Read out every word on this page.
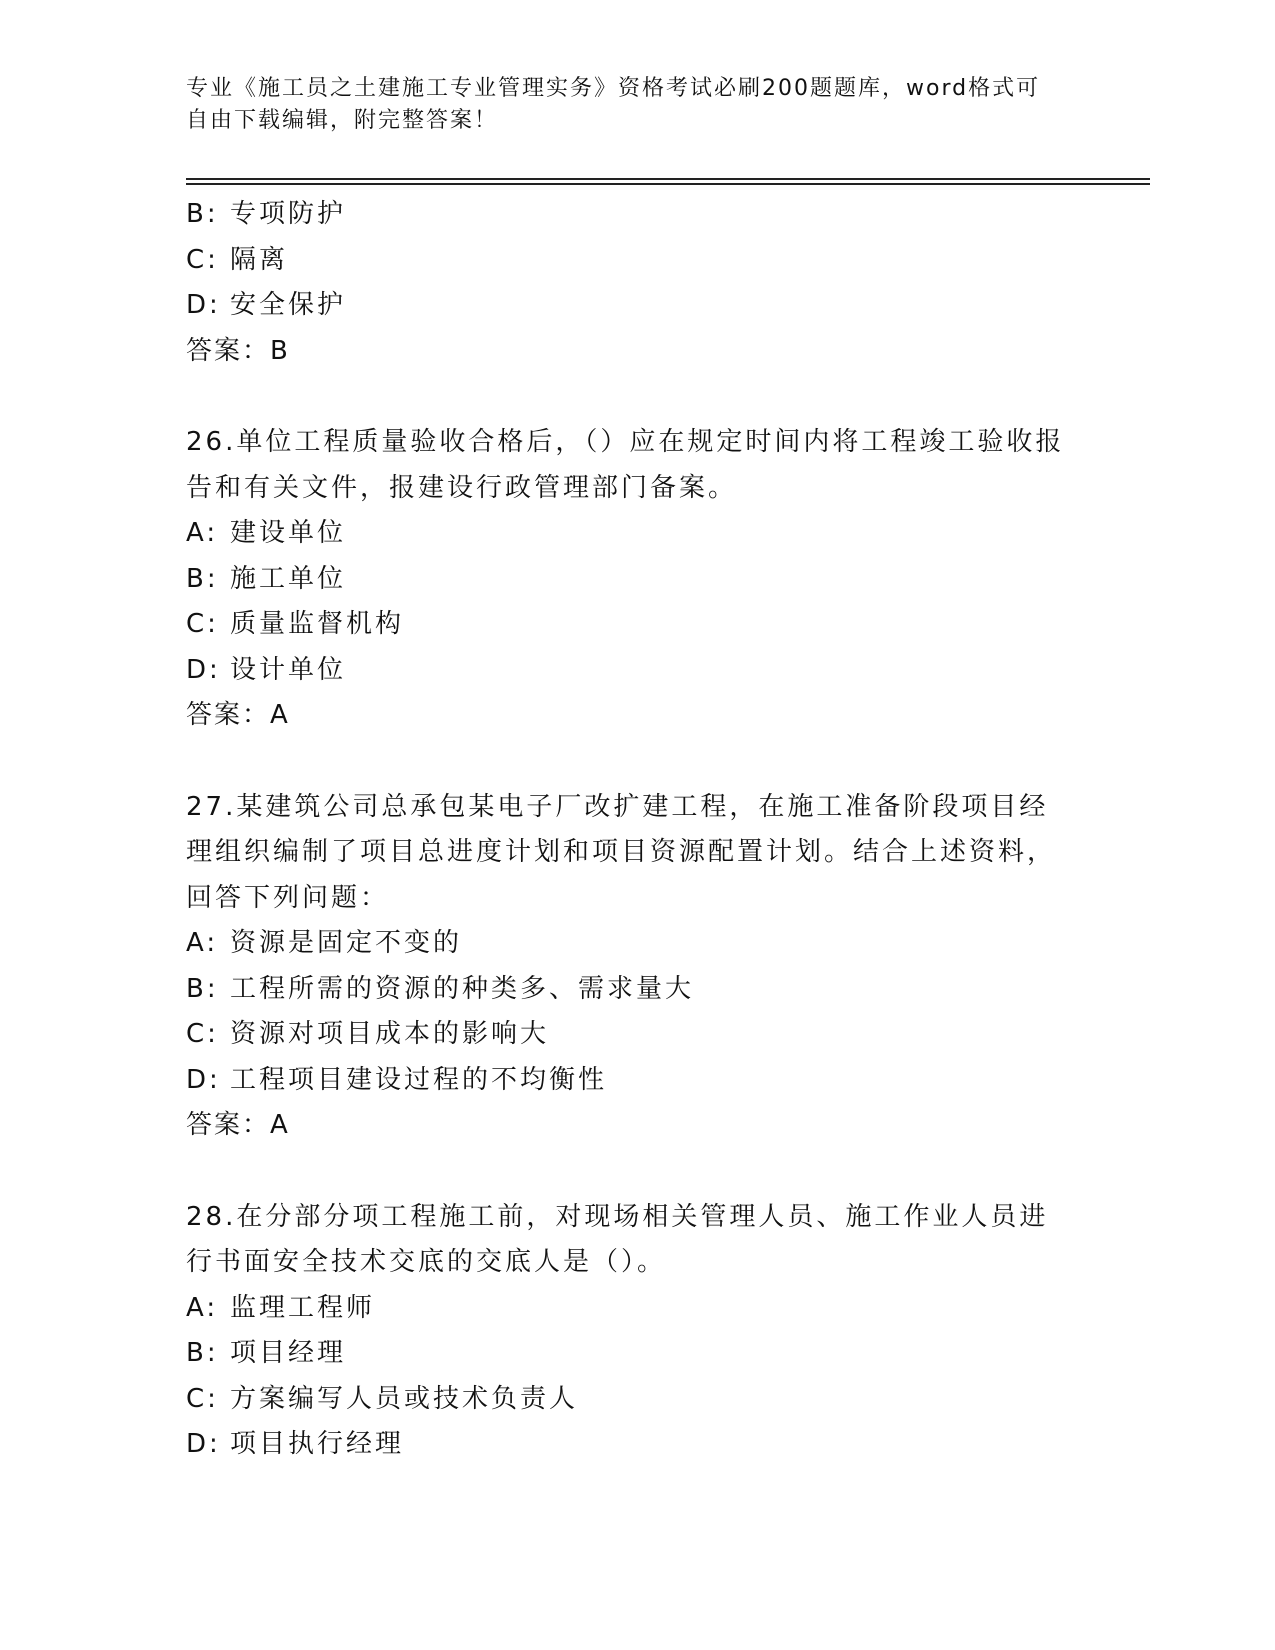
专业《施工员之土建施工专业管理实务》资格考试必刷200题题库，word格式可
自由下载编辑，附完整答案！
B: 专项防护
C: 隔离
D: 安全保护
答案：B
26.单位工程质量验收合格后，（）应在规定时间内将工程竣工验收报告和有关文件，报建设行政管理部门备案。
A: 建设单位
B: 施工单位
C: 质量监督机构
D: 设计单位
答案：A
27.某建筑公司总承包某电子厂改扩建工程，在施工准备阶段项目经理组织编制了项目总进度计划和项目资源配置计划。结合上述资料，回答下列问题：
A: 资源是固定不变的
B: 工程所需的资源的种类多、需求量大
C: 资源对项目成本的影响大
D: 工程项目建设过程的不均衡性
答案：A
28.在分部分项工程施工前，对现场相关管理人员、施工作业人员进行书面安全技术交底的交底人是（）。
A: 监理工程师
B: 项目经理
C: 方案编写人员或技术负责人
D: 项目执行经理
